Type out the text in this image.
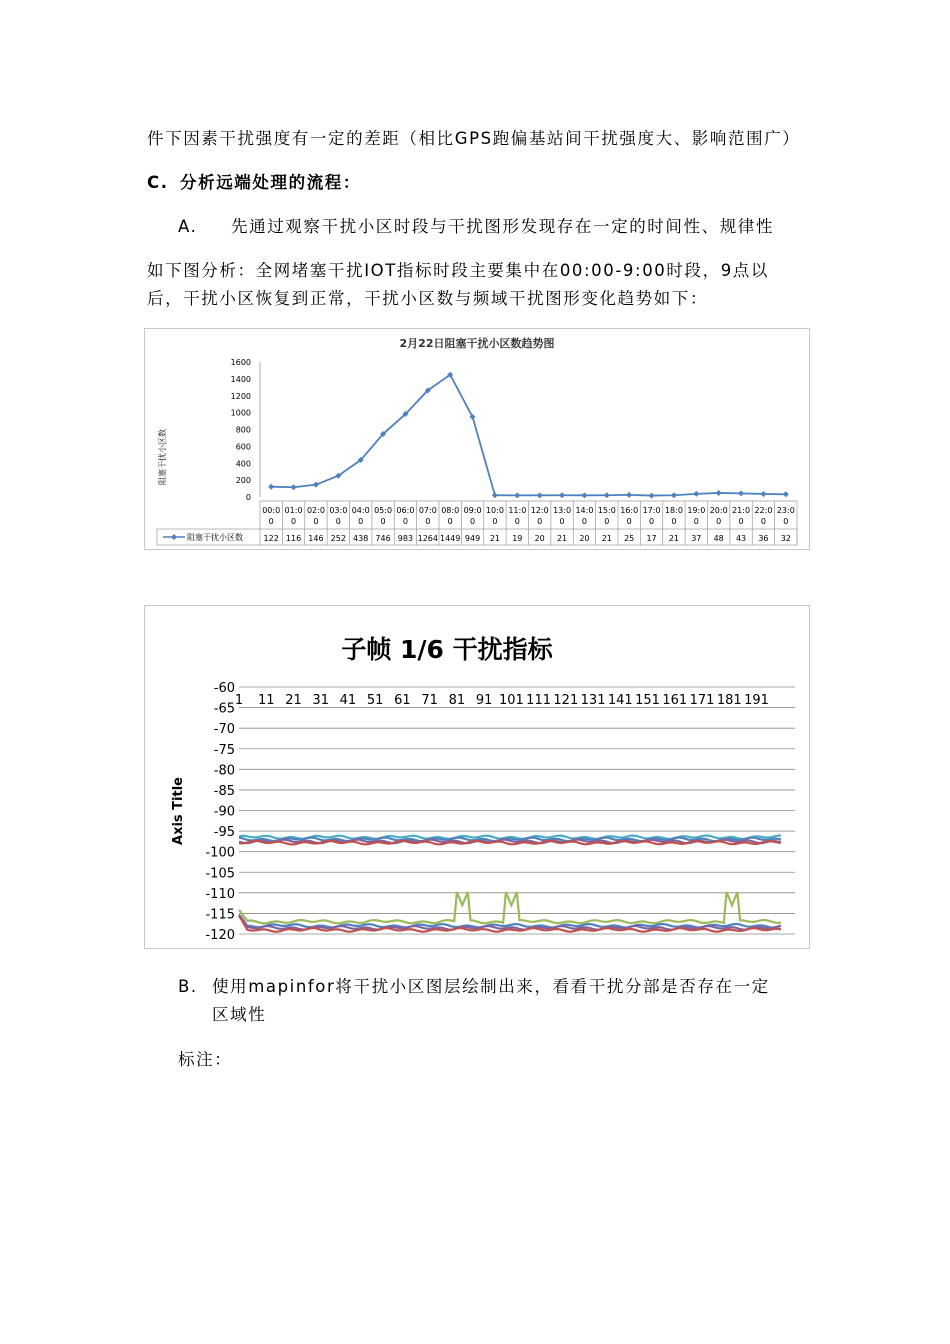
件下因素干扰强度有一定的差距（相比GPS跑偏基站间干扰强度大、影响范围广）
C. 分析远端处理的流程：
A. 先通过观察干扰小区时段与干扰图形发现存在一定的时间性、规律性
如下图分析：全网堵塞干扰IOT指标时段主要集中在00:00-9:00时段，9点以
后，干扰小区恢复到正常，干扰小区数与频域干扰图形变化趋势如下：
2月22日阻塞干扰小区数趋势图
阻塞干扰小区数
0
200
400
600
800
1000
1200
1400
1600
00:0
0
01:0
0
02:0
0
03:0
0
04:0
0
05:0
0
06:0
0
07:0
0
08:0
0
09:0
0
10:0
0
11:0
0
12:0
0
13:0
0
14:0
0
15:0
0
16:0
0
17:0
0
18:0
0
19:0
0
20:0
0
21:0
0
22:0
0
23:0
0
122 116 146 252 438 746 983 1264 1449 949 21 19 20 21 20 21 25 17 21 37 48 43 36 32
阻塞干扰小区数
子帧 1/6 干扰指标
Axis Title
-60
-65
-70
-75
-80
-85
-90
-95
-100
-105
-110
-115
-120
1 11 21 31 41 51 61 71 81 91 101 111 121 131 141 151 161 171 181 191
B. 使用mapinfor将干扰小区图层绘制出来，看看干扰分部是否存在一定
区域性
标注：
